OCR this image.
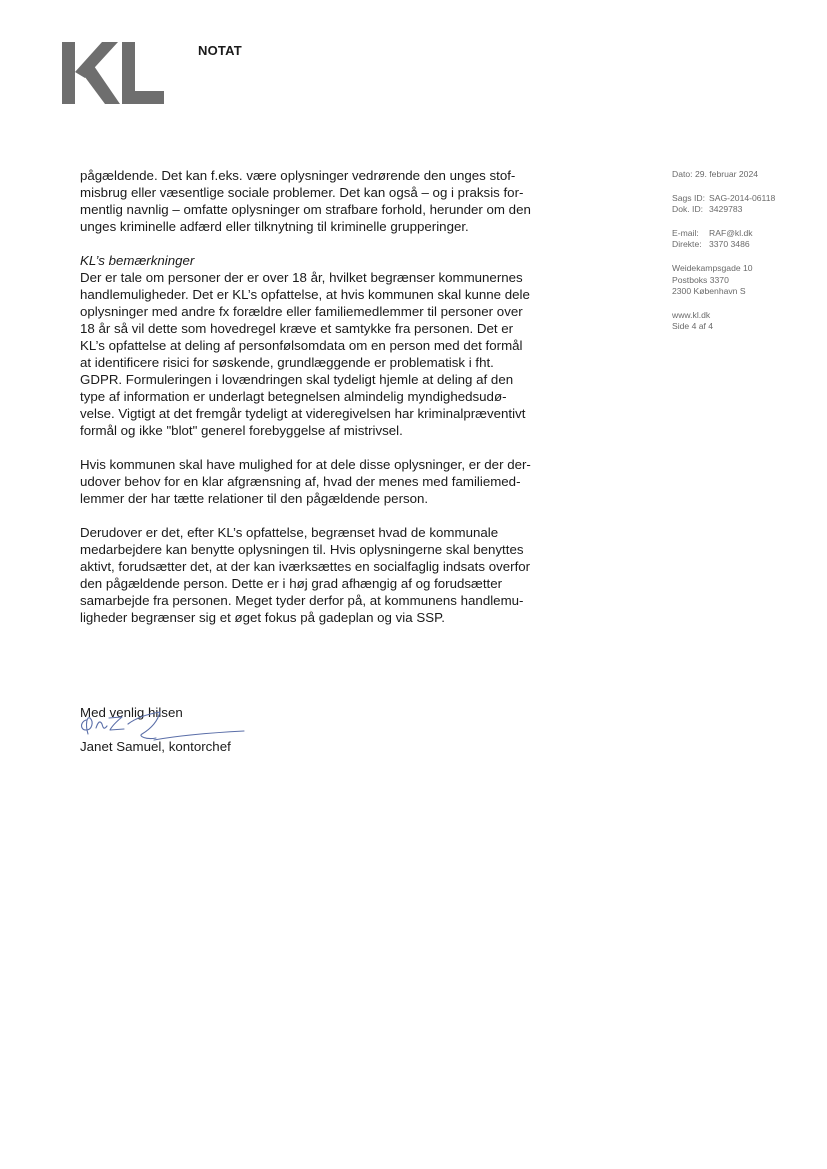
NOTAT

pågældende. Det kan f.eks. være oplysninger vedrørende den unges stof-
misbrug eller væsentlige sociale problemer. Det kan også – og i praksis for-
mentlig navnlig – omfatte oplysninger om strafbare forhold, herunder om den
unges kriminelle adfærd eller tilknytning til kriminelle grupperinger.

KL’s bemærkninger
Der er tale om personer der er over 18 år, hvilket begrænser kommunernes
handlemuligheder. Det er KL’s opfattelse, at hvis kommunen skal kunne dele
oplysninger med andre fx forældre eller familiemedlemmer til personer over
18 år så vil dette som hovedregel kræve et samtykke fra personen. Det er
KL’s opfattelse at deling af personfølsomdata om en person med det formål
at identificere risici for søskende, grundlæggende er problematisk i fht.
GDPR. Formuleringen i lovændringen skal tydeligt hjemle at deling af den
type af information er underlagt betegnelsen almindelig myndighedsudø-
velse. Vigtigt at det fremgår tydeligt at videregivelsen har kriminalpræventivt
formål og ikke "blot" generel forebyggelse af mistrivsel.

Hvis kommunen skal have mulighed for at dele disse oplysninger, er der der-
udover behov for en klar afgrænsning af, hvad der menes med familiemed-
lemmer der har tætte relationer til den pågældende person.

Derudover er det, efter KL’s opfattelse, begrænset hvad de kommunale
medarbejdere kan benytte oplysningen til. Hvis oplysningerne skal benyttes
aktivt, forudsætter det, at der kan iværksættes en socialfaglig indsats overfor
den pågældende person. Dette er i høj grad afhængig af og forudsætter
samarbejde fra personen. Meget tyder derfor på, at kommunens handlemu-
ligheder begrænser sig et øget fokus på gadeplan og via SSP.

Dato: 29. februar 2024
Sags ID: SAG-2014-06118
Dok. ID: 3429783
E-mail: RAF@kl.dk
Direkte: 3370 3486
Weidekampsgade 10
Postboks 3370
2300 København S
www.kl.dk
Side 4 af 4
Med venlig hilsen
Janet Samuel, kontorchef
